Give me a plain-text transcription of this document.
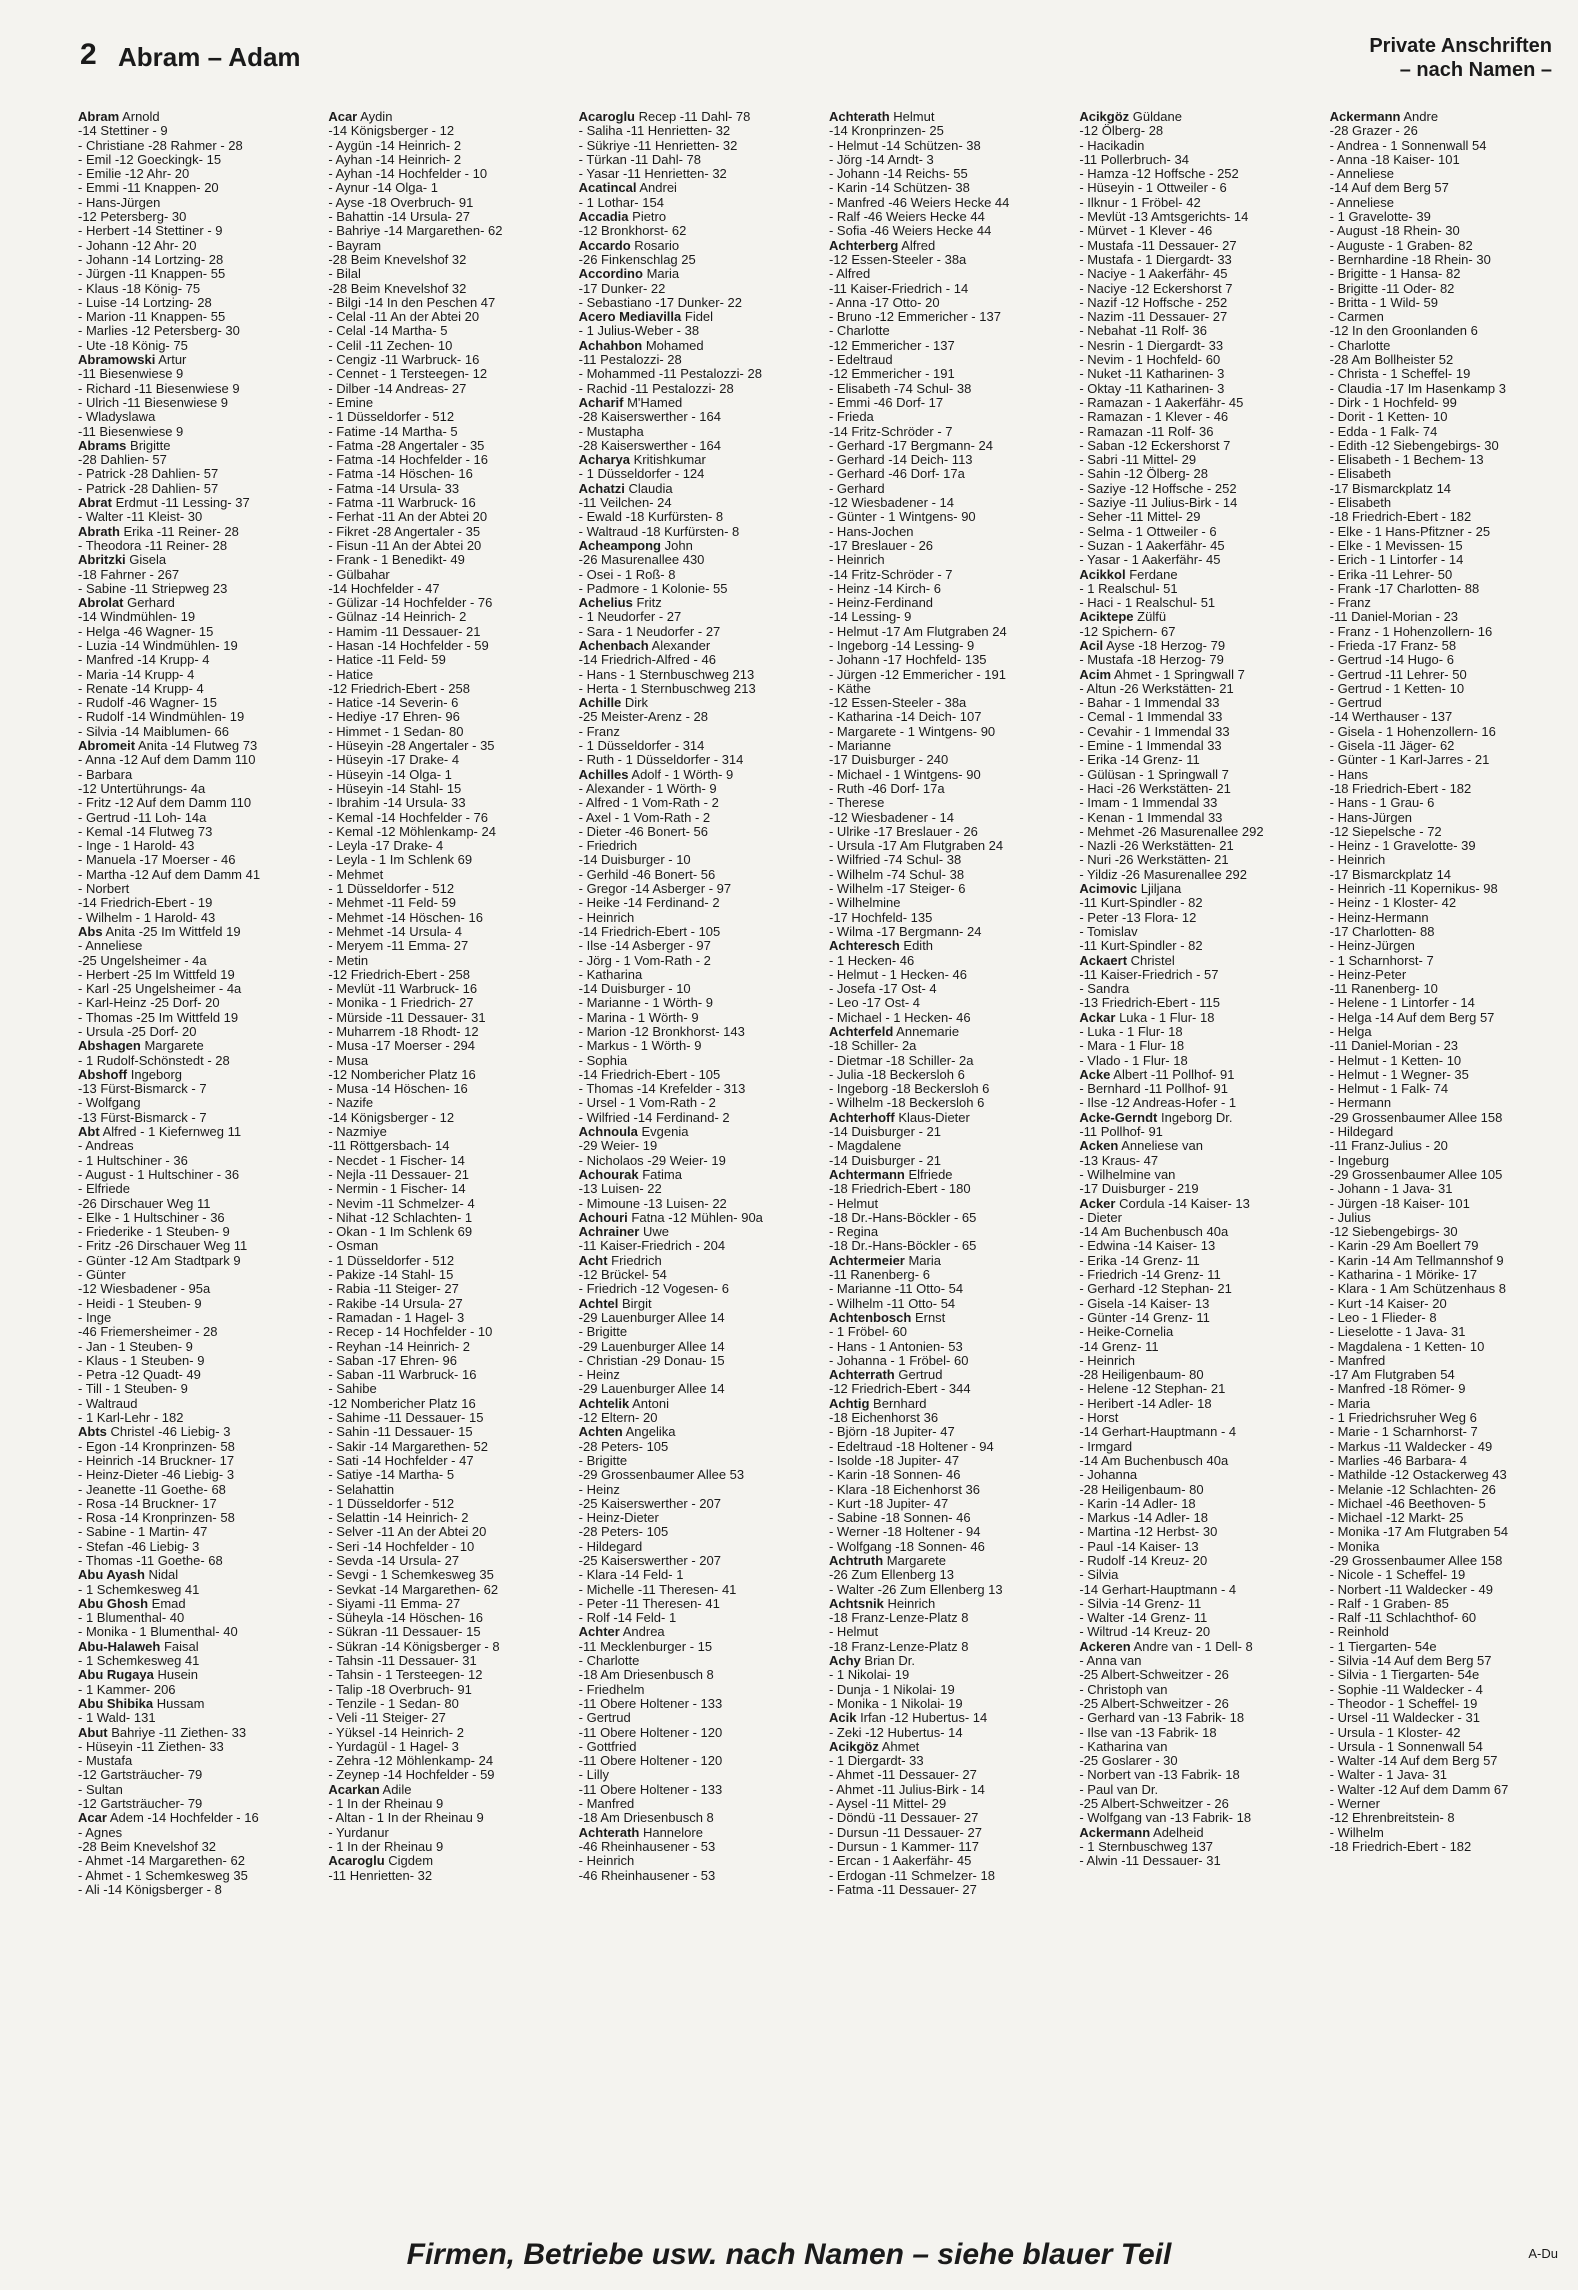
2 Abram – Adam	Private Anschriften
– nach Namen –
Abram Arnold
-14 Stettiner - 9
- Christiane -28 Rahmer - 28
- Emil -12 Goeckingk- 15
- Emilie -12 Ahr- 20
- Emmi -11 Knappen- 20
- Hans-Jürgen
-12 Petersberg- 30
- Herbert -14 Stettiner - 9
- Johann -12 Ahr- 20
- Johann -14 Lortzing- 28
- Jürgen -11 Knappen- 55
- Klaus -18 König- 75
- Luise -14 Lortzing- 28
- Marion -11 Knappen- 55
- Marlies -12 Petersberg- 30
- Ute -18 König- 75
Abramowski Artur
-11 Biesenwiese 9
- Richard -11 Biesenwiese 9
- Ulrich -11 Biesenwiese 9
- Wladyslawa
-11 Biesenwiese 9
Abrams Brigitte
-28 Dahlien- 57
- Patrick -28 Dahlien- 57
- Patrick -28 Dahlien- 57
Abrat Erdmut -11 Lessing- 37
- Walter -11 Kleist- 30
Abrath Erika -11 Reiner- 28
- Theodora -11 Reiner- 28
Abritzki Gisela
-18 Fahrner - 267
- Sabine -11 Striepweg 23
Abrolat Gerhard
-14 Windmühlen- 19
- Helga -46 Wagner- 15
- Luzia -14 Windmühlen- 19
- Manfred -14 Krupp- 4
- Maria -14 Krupp- 4
- Renate -14 Krupp- 4
- Rudolf -46 Wagner- 15
- Rudolf -14 Windmühlen- 19
- Silvia -14 Maiblumen- 66
Abromeit Anita -14 Flutweg 73
- Anna -12 Auf dem Damm 110
- Barbara
-12 Untertührungs- 4a
- Fritz -12 Auf dem Damm 110
- Gertrud -11 Loh- 14a
- Kemal -14 Flutweg 73
- Inge - 1 Harold- 43
- Manuela -17 Moerser - 46
- Martha -12 Auf dem Damm 41
- Norbert
-14 Friedrich-Ebert - 19
- Wilhelm - 1 Harold- 43
Abs Anita -25 Im Wittfeld 19
- Anneliese
-25 Ungelsheimer - 4a
- Herbert -25 Im Wittfeld 19
- Karl -25 Ungelsheimer - 4a
- Karl-Heinz -25 Dorf- 20
- Thomas -25 Im Wittfeld 19
- Ursula -25 Dorf- 20
Abshagen Margarete
- 1 Rudolf-Schönstedt - 28
Abshoff Ingeborg
-13 Fürst-Bismarck - 7
- Wolfgang
-13 Fürst-Bismarck - 7
Abt Alfred - 1 Kiefernweg 11
- Andreas
- 1 Hultschiner - 36
- August - 1 Hultschiner - 36
- Elfriede
-26 Dirschauer Weg 11
- Elke - 1 Hultschiner - 36
- Friederike - 1 Steuben- 9
- Fritz -26 Dirschauer Weg 11
- Günter -12 Am Stadtpark 9
- Günter
-12 Wiesbadener - 95a
- Heidi - 1 Steuben- 9
- Inge
-46 Friemersheimer - 28
- Jan - 1 Steuben- 9
- Klaus - 1 Steuben- 9
- Petra -12 Quadt- 49
- Till - 1 Steuben- 9
- Waltraud
- 1 Karl-Lehr - 182
Abts Christel -46 Liebig- 3
- Egon -14 Kronprinzen- 58
- Heinrich -14 Bruckner- 17
- Heinz-Dieter -46 Liebig- 3
- Jeanette -11 Goethe- 68
- Rosa -14 Bruckner- 17
- Rosa -14 Kronprinzen- 58
- Sabine - 1 Martin- 47
- Stefan -46 Liebig- 3
- Thomas -11 Goethe- 68
Abu Ayash Nidal
- 1 Schemkesweg 41
Abu Ghosh Emad
- 1 Blumenthal- 40
- Monika - 1 Blumenthal- 40
Abu-Halaweh Faisal
- 1 Schemkesweg 41
Abu Rugaya Husein
- 1 Kammer- 206
Abu Shibika Hussam
- 1 Wald- 131
Abut Bahriye -11 Ziethen- 33
- Hüseyin -11 Ziethen- 33
- Mustafa
-12 Gartsträucher- 79
- Sultan
-12 Gartsträucher- 79
Acar Adem -14 Hochfelder - 16
- Agnes
-28 Beim Knevelshof 32
- Ahmet -14 Margarethen- 62
- Ahmet - 1 Schemkesweg 35
- Ali -14 Königsberger - 8
Acar Aydin
-14 Königsberger - 12
- Aygün -14 Heinrich- 2
- Ayhan -14 Heinrich- 2
- Ayhan -14 Hochfelder - 10
- Aynur -14 Olga- 1
- Ayse -18 Overbruch- 91
- Bahattin -14 Ursula- 27
- Bahriye -14 Margarethen- 62
- Bayram
-28 Beim Knevelshof 32
- Bilal
-28 Beim Knevelshof 32
- Bilgi -14 In den Peschen 47
- Celal -11 An der Abtei 20
- Celal -14 Martha- 5
- Celil -11 Zechen- 10
- Cengiz -11 Warbruck- 16
- Cennet - 1 Tersteegen- 12
- Dilber -14 Andreas- 27
- Emine
- 1 Düsseldorfer - 512
- Fatime -14 Martha- 5
- Fatma -28 Angertaler - 35
- Fatma -14 Hochfelder - 16
- Fatma -14 Höschen- 16
- Fatma -14 Ursula- 33
- Fatma -11 Warbruck- 16
- Ferhat -11 An der Abtei 20
- Fikret -28 Angertaler - 35
- Fisun -11 An der Abtei 20
- Frank - 1 Benedikt- 49
- Gülbahar
-14 Hochfelder - 47
- Gülizar -14 Hochfelder - 76
- Gülnaz -14 Heinrich- 2
- Hamim -11 Dessauer- 21
- Hasan -14 Hochfelder - 59
- Hatice -11 Feld- 59
- Hatice
-12 Friedrich-Ebert - 258
- Hatice -14 Severin- 6
- Hediye -17 Ehren- 96
- Himmet - 1 Sedan- 80
- Hüseyin -28 Angertaler - 35
- Hüseyin -17 Drake- 4
- Hüseyin -14 Olga- 1
- Hüseyin -14 Stahl- 15
- Ibrahim -14 Ursula- 33
- Kemal -14 Hochfelder - 76
- Kemal -12 Möhlenkamp- 24
- Leyla -17 Drake- 4
- Leyla - 1 Im Schlenk 69
- Mehmet
- 1 Düsseldorfer - 512
- Mehmet -11 Feld- 59
- Mehmet -14 Höschen- 16
- Mehmet -14 Ursula- 4
- Meryem -11 Emma- 27
- Metin
-12 Friedrich-Ebert - 258
- Mevlüt -11 Warbruck- 16
- Monika - 1 Friedrich- 27
- Mürside -11 Dessauer- 31
- Muharrem -18 Rhodt- 12
- Musa -17 Moerser - 294
- Musa
-12 Nombericher Platz 16
- Musa -14 Höschen- 16
- Nazife
-14 Königsberger - 12
- Nazmiye
-11 Röttgersbach- 14
- Necdet - 1 Fischer- 14
- Nejla -11 Dessauer- 21
- Nermin - 1 Fischer- 14
- Nevim -11 Schmelzer- 4
- Nihat -12 Schlachten- 1
- Okan - 1 Im Schlenk 69
- Osman
- 1 Düsseldorfer - 512
- Pakize -14 Stahl- 15
- Rabia -11 Steiger- 27
- Rakibe -14 Ursula- 27
- Ramadan - 1 Hagel- 3
- Recep - 14 Hochfelder - 10
- Reyhan -14 Heinrich- 2
- Saban -17 Ehren- 96
- Saban -11 Warbruck- 16
- Sahibe
-12 Nombericher Platz 16
- Sahime -11 Dessauer- 15
- Sahin -11 Dessauer- 15
- Sakir -14 Margarethen- 52
- Sati -14 Hochfelder - 47
- Satiye -14 Martha- 5
- Selahattin
- 1 Düsseldorfer - 512
- Selattin -14 Heinrich- 2
- Selver -11 An der Abtei 20
- Seri -14 Hochfelder - 10
- Sevda -14 Ursula- 27
- Sevgi - 1 Schemkesweg 35
- Sevkat -14 Margarethen- 62
- Siyami -11 Emma- 27
- Süheyla -14 Höschen- 16
- Sükran -11 Dessauer- 15
- Sükran -14 Königsberger - 8
- Tahsin -11 Dessauer- 31
- Tahsin - 1 Tersteegen- 12
- Talip -18 Overbruch- 91
- Tenzile - 1 Sedan- 80
- Veli -11 Steiger- 27
- Yüksel -14 Heinrich- 2
- Yurdagül - 1 Hagel- 3
- Zehra -12 Möhlenkamp- 24
- Zeynep -14 Hochfelder - 59
Acarkan Adile
- 1 In der Rheinau 9
- Altan - 1 In der Rheinau 9
- Yurdanur
- 1 In der Rheinau 9
Acaroglu Cigdem
-11 Henrietten- 32
Acaroglu Recep -11 Dahl- 78
- Saliha -11 Henrietten- 32
- Sükriye -11 Henrietten- 32
- Türkan -11 Dahl- 78
- Yasar -11 Henrietten- 32
Acatincal Andrei
- 1 Lothar- 154
Accadia Pietro
-12 Bronkhorst- 62
Accardo Rosario
-26 Finkenschlag 25
Accordino Maria
-17 Dunker- 22
- Sebastiano -17 Dunker- 22
Acero Mediavilla Fidel
- 1 Julius-Weber - 38
Achahbon Mohamed
-11 Pestalozzi- 28
- Mohammed -11 Pestalozzi- 28
- Rachid -11 Pestalozzi- 28
Acharif M'Hamed
-28 Kaiserswerther - 164
- Mustapha
-28 Kaiserswerther - 164
Acharya Kritishkumar
- 1 Düsseldorfer - 124
Achatzi Claudia
-11 Veilchen- 24
- Ewald -18 Kurfürsten- 8
- Waltraud -18 Kurfürsten- 8
Acheampong John
-26 Masurenallee 430
- Osei - 1 Roß- 8
- Padmore - 1 Kolonie- 55
Achelius Fritz
- 1 Neudorfer - 27
- Sara - 1 Neudorfer - 27
Achenbach Alexander
-14 Friedrich-Alfred - 46
- Hans - 1 Sternbuschweg 213
- Herta - 1 Sternbuschweg 213
Achille Dirk
-25 Meister-Arenz - 28
- Franz
- 1 Düsseldorfer - 314
- Ruth - 1 Düsseldorfer - 314
Achilles Adolf - 1 Wörth- 9
- Alexander - 1 Wörth- 9
- Alfred - 1 Vom-Rath - 2
- Axel - 1 Vom-Rath - 2
- Dieter -46 Bonert- 56
- Friedrich
-14 Duisburger - 10
- Gerhild -46 Bonert- 56
- Gregor -14 Asberger - 97
- Heike -14 Ferdinand- 2
- Heinrich
-14 Friedrich-Ebert - 105
- Ilse -14 Asberger - 97
- Jörg - 1 Vom-Rath - 2
- Katharina
-14 Duisburger - 10
- Marianne - 1 Wörth- 9
- Marina - 1 Wörth- 9
- Marion -12 Bronkhorst- 143
- Markus - 1 Wörth- 9
- Sophia
-14 Friedrich-Ebert - 105
- Thomas -14 Krefelder - 313
- Ursel - 1 Vom-Rath - 2
- Wilfried -14 Ferdinand- 2
Achnoula Evgenia
-29 Weier- 19
- Nicholaos -29 Weier- 19
Achourak Fatima
-13 Luisen- 22
- Mimoune -13 Luisen- 22
Achouri Fatna -12 Mühlen- 90a
Achrainer Uwe
-11 Kaiser-Friedrich - 204
Acht Friedrich
-12 Brückel- 54
- Friedrich -12 Vogesen- 6
Achtel Birgit
-29 Lauenburger Allee 14
- Brigitte
-29 Lauenburger Allee 14
- Christian -29 Donau- 15
- Heinz
-29 Lauenburger Allee 14
Achtelik Antoni
-12 Eltern- 20
Achten Angelika
-28 Peters- 105
- Brigitte
-29 Grossenbaumer Allee 53
- Heinz
-25 Kaiserswerther - 207
- Heinz-Dieter
-28 Peters- 105
- Hildegard
-25 Kaiserswerther - 207
- Klara -14 Feld- 1
- Michelle -11 Theresen- 41
- Peter -11 Theresen- 41
- Rolf -14 Feld- 1
Achter Andrea
-11 Mecklenburger - 15
- Charlotte
-18 Am Driesenbusch 8
- Friedhelm
-11 Obere Holtener - 133
- Gertrud
-11 Obere Holtener - 120
- Gottfried
-11 Obere Holtener - 120
- Lilly
-11 Obere Holtener - 133
- Manfred
-18 Am Driesenbusch 8
Achterath Hannelore
-46 Rheinhausener - 53
- Heinrich
-46 Rheinhausener - 53
Achterath Helmut
-14 Kronprinzen- 25
- Helmut -14 Schützen- 38
- Jörg -14 Arndt- 3
- Johann -14 Reichs- 55
- Karin -14 Schützen- 38
- Manfred -46 Weiers Hecke 44
- Ralf -46 Weiers Hecke 44
- Sofia -46 Weiers Hecke 44
Achterberg Alfred
-12 Essen-Steeler - 38a
- Alfred
-11 Kaiser-Friedrich - 14
- Anna -17 Otto- 20
- Bruno -12 Emmericher - 137
- Charlotte
-12 Emmericher - 137
- Edeltraud
-12 Emmericher - 191
- Elisabeth -74 Schul- 38
- Emmi -46 Dorf- 17
- Frieda
-14 Fritz-Schröder - 7
- Gerhard -17 Bergmann- 24
- Gerhard -14 Deich- 113
- Gerhard -46 Dorf- 17a
- Gerhard
-12 Wiesbadener - 14
- Günter - 1 Wintgens- 90
- Hans-Jochen
-17 Breslauer - 26
- Heinrich
-14 Fritz-Schröder - 7
- Heinz -14 Kirch- 6
- Heinz-Ferdinand
-14 Lessing- 9
- Helmut -17 Am Flutgraben 24
- Ingeborg -14 Lessing- 9
- Johann -17 Hochfeld- 135
- Jürgen -12 Emmericher - 191
- Käthe
-12 Essen-Steeler - 38a
- Katharina -14 Deich- 107
- Margarete - 1 Wintgens- 90
- Marianne
-17 Duisburger - 240
- Michael - 1 Wintgens- 90
- Ruth -46 Dorf- 17a
- Therese
-12 Wiesbadener - 14
- Ulrike -17 Breslauer - 26
- Ursula -17 Am Flutgraben 24
- Wilfried -74 Schul- 38
- Wilhelm -74 Schul- 38
- Wilhelm -17 Steiger- 6
- Wilhelmine
-17 Hochfeld- 135
- Wilma -17 Bergmann- 24
Achteresch Edith
- 1 Hecken- 46
- Helmut - 1 Hecken- 46
- Josefa -17 Ost- 4
- Leo -17 Ost- 4
- Michael - 1 Hecken- 46
Achterfeld Annemarie
-18 Schiller- 2a
- Dietmar -18 Schiller- 2a
- Julia -18 Beckersloh 6
- Ingeborg -18 Beckersloh 6
- Wilhelm -18 Beckersloh 6
Achterhoff Klaus-Dieter
-14 Duisburger - 21
- Magdalene
-14 Duisburger - 21
Achtermann Elfriede
-18 Friedrich-Ebert - 180
- Helmut
-18 Dr.-Hans-Böckler - 65
- Regina
-18 Dr.-Hans-Böckler - 65
Achtermeier Maria
-11 Ranenberg- 6
- Marianne -11 Otto- 54
- Wilhelm -11 Otto- 54
Achtenbosch Ernst
- 1 Fröbel- 60
- Hans - 1 Antonien- 53
- Johanna - 1 Fröbel- 60
Achterrath Gertrud
-12 Friedrich-Ebert - 344
Achtig Bernhard
-18 Eichenhorst 36
- Björn -18 Jupiter- 47
- Edeltraud -18 Holtener - 94
- Isolde -18 Jupiter- 47
- Karin -18 Sonnen- 46
- Klara -18 Eichenhorst 36
- Kurt -18 Jupiter- 47
- Sabine -18 Sonnen- 46
- Werner -18 Holtener - 94
- Wolfgang -18 Sonnen- 46
Achtruth Margarete
-26 Zum Ellenberg 13
- Walter -26 Zum Ellenberg 13
Achtsnik Heinrich
-18 Franz-Lenze-Platz 8
- Helmut
-18 Franz-Lenze-Platz 8
Achy Brian Dr.
- 1 Nikolai- 19
- Dunja - 1 Nikolai- 19
- Monika - 1 Nikolai- 19
Acik Irfan -12 Hubertus- 14
- Zeki -12 Hubertus- 14
Acikgöz Ahmet
- 1 Diergardt- 33
- Ahmet -11 Dessauer- 27
- Ahmet -11 Julius-Birk - 14
- Aysel -11 Mittel- 29
- Döndü -11 Dessauer- 27
- Dursun -11 Dessauer- 27
- Dursun - 1 Kammer- 117
- Ercan - 1 Aakerfähr- 45
- Erdogan -11 Schmelzer- 18
- Fatma -11 Dessauer- 27
Acikgöz Güldane
-12 Ölberg- 28
- Hacikadin
-11 Pollerbruch- 34
- Hamza -12 Hoffsche - 252
- Hüseyin - 1 Ottweiler - 6
- Ilknur - 1 Fröbel- 42
- Mevlüt -13 Amtsgerichts- 14
- Mürvet - 1 Klever - 46
- Mustafa -11 Dessauer- 27
- Mustafa - 1 Diergardt- 33
- Naciye - 1 Aakerfähr- 45
- Naciye -12 Eckershorst 7
- Nazif -12 Hoffsche - 252
- Nazim -11 Dessauer- 27
- Nebahat -11 Rolf- 36
- Nesrin - 1 Diergardt- 33
- Nevim - 1 Hochfeld- 60
- Nuket -11 Katharinen- 3
- Oktay -11 Katharinen- 3
- Ramazan - 1 Aakerfähr- 45
- Ramazan - 1 Klever - 46
- Ramazan -11 Rolf- 36
- Saban -12 Eckershorst 7
- Sabri -11 Mittel- 29
- Sahin -12 Ölberg- 28
- Saziye -12 Hoffsche - 252
- Saziye -11 Julius-Birk - 14
- Seher -11 Mittel- 29
- Selma - 1 Ottweiler - 6
- Suzan - 1 Aakerfähr- 45
- Yasar - 1 Aakerfähr- 45
Acikkol Ferdane
- 1 Realschul- 51
- Haci - 1 Realschul- 51
Aciktepe Zülfü
-12 Spichern- 67
Acil Ayse -18 Herzog- 79
- Mustafa -18 Herzog- 79
Acim Ahmet - 1 Springwall 7
- Altun -26 Werkstätten- 21
- Bahar - 1 Immendal 33
- Cemal - 1 Immendal 33
- Cevahir - 1 Immendal 33
- Emine - 1 Immendal 33
- Erika -14 Grenz- 11
- Gülüsan - 1 Springwall 7
- Haci -26 Werkstätten- 21
- Imam - 1 Immendal 33
- Kenan - 1 Immendal 33
- Mehmet -26 Masurenallee 292
- Nazli -26 Werkstätten- 21
- Nuri -26 Werkstätten- 21
- Yildiz -26 Masurenallee 292
Acimovic Ljiljana
-11 Kurt-Spindler - 82
- Peter -13 Flora- 12
- Tomislav
-11 Kurt-Spindler - 82
Ackaert Christel
-11 Kaiser-Friedrich - 57
- Sandra
-13 Friedrich-Ebert - 115
Ackar Luka - 1 Flur- 18
- Luka - 1 Flur- 18
- Mara - 1 Flur- 18
- Vlado - 1 Flur- 18
Acke Albert -11 Pollhof- 91
- Bernhard -11 Pollhof- 91
- Ilse -12 Andreas-Hofer - 1
Acke-Gerndt Ingeborg Dr.
-11 Pollhof- 91
Acken Anneliese van
-13 Kraus- 47
- Wilhelmine van
-17 Duisburger - 219
Acker Cordula -14 Kaiser- 13
- Dieter
-14 Am Buchenbusch 40a
- Edwina -14 Kaiser- 13
- Erika -14 Grenz- 11
- Friedrich -14 Grenz- 11
- Gerhard -12 Stephan- 21
- Gisela -14 Kaiser- 13
- Günter -14 Grenz- 11
- Heike-Cornelia
-14 Grenz- 11
- Heinrich
-28 Heiligenbaum- 80
- Helene -12 Stephan- 21
- Heribert -14 Adler- 18
- Horst
-14 Gerhart-Hauptmann - 4
- Irmgard
-14 Am Buchenbusch 40a
- Johanna
-28 Heiligenbaum- 80
- Karin -14 Adler- 18
- Markus -14 Adler- 18
- Martina -12 Herbst- 30
- Paul -14 Kaiser- 13
- Rudolf -14 Kreuz- 20
- Silvia
-14 Gerhart-Hauptmann - 4
- Silvia -14 Grenz- 11
- Walter -14 Grenz- 11
- Wiltrud -14 Kreuz- 20
Ackeren Andre van - 1 Dell- 8
- Anna van
-25 Albert-Schweitzer - 26
- Christoph van
-25 Albert-Schweitzer - 26
- Gerhard van -13 Fabrik- 18
- Ilse van -13 Fabrik- 18
- Katharina van
-25 Goslarer - 30
- Norbert van -13 Fabrik- 18
- Paul van Dr.
-25 Albert-Schweitzer - 26
- Wolfgang van -13 Fabrik- 18
Ackermann Adelheid
- 1 Sternbuschweg 137
- Alwin -11 Dessauer- 31
Ackermann Andre
-28 Grazer - 26
- Andrea - 1 Sonnenwall 54
- Anna -18 Kaiser- 101
- Anneliese
-14 Auf dem Berg 57
- Anneliese
- 1 Gravelotte- 39
- August -18 Rhein- 30
- Auguste - 1 Graben- 82
- Bernhardine -18 Rhein- 30
- Brigitte - 1 Hansa- 82
- Brigitte -11 Oder- 82
- Britta - 1 Wild- 59
- Carmen
-12 In den Groonlanden 6
- Charlotte
-28 Am Bollheister 52
- Christa - 1 Scheffel- 19
- Claudia -17 Im Hasenkamp 3
- Dirk - 1 Hochfeld- 99
- Dorit - 1 Ketten- 10
- Edda - 1 Falk- 74
- Edith -12 Siebengebirgs- 30
- Elisabeth - 1 Bechem- 13
- Elisabeth
-17 Bismarckplatz 14
- Elisabeth
-18 Friedrich-Ebert - 182
- Elke - 1 Hans-Pfitzner - 25
- Elke - 1 Mevissen- 15
- Erich - 1 Lintorfer - 14
- Erika -11 Lehrer- 50
- Frank -17 Charlotten- 88
- Franz
-11 Daniel-Morian - 23
- Franz - 1 Hohenzollern- 16
- Frieda -17 Franz- 58
- Gertrud -14 Hugo- 6
- Gertrud -11 Lehrer- 50
- Gertrud - 1 Ketten- 10
- Gertrud
-14 Werthauser - 137
- Gisela - 1 Hohenzollern- 16
- Gisela -11 Jäger- 62
- Günter - 1 Karl-Jarres - 21
- Hans
-18 Friedrich-Ebert - 182
- Hans - 1 Grau- 6
- Hans-Jürgen
-12 Siepelsche - 72
- Heinz - 1 Gravelotte- 39
- Heinrich
-17 Bismarckplatz 14
- Heinrich -11 Kopernikus- 98
- Heinz - 1 Kloster- 42
- Heinz-Hermann
-17 Charlotten- 88
- Heinz-Jürgen
- 1 Scharnhorst- 7
- Heinz-Peter
-11 Ranenberg- 10
- Helene - 1 Lintorfer - 14
- Helga -14 Auf dem Berg 57
- Helga
-11 Daniel-Morian - 23
- Helmut - 1 Ketten- 10
- Helmut - 1 Wegner- 35
- Helmut - 1 Falk- 74
- Hermann
-29 Grossenbaumer Allee 158
- Hildegard
-11 Franz-Julius - 20
- Ingeburg
-29 Grossenbaumer Allee 105
- Johann - 1 Java- 31
- Jürgen -18 Kaiser- 101
- Julius
-12 Siebengebirgs- 30
- Karin -29 Am Boellert 79
- Karin -14 Am Tellmannshof 9
- Katharina - 1 Mörike- 17
- Klara - 1 Am Schützenhaus 8
- Kurt -14 Kaiser- 20
- Leo - 1 Flieder- 8
- Lieselotte - 1 Java- 31
- Magdalena - 1 Ketten- 10
- Manfred
-17 Am Flutgraben 54
- Manfred -18 Römer- 9
- Maria
- 1 Friedrichsruher Weg 6
- Marie - 1 Scharnhorst- 7
- Markus -11 Waldecker - 49
- Marlies -46 Barbara- 4
- Mathilde -12 Ostackerweg 43
- Melanie -12 Schlachten- 26
- Michael -46 Beethoven- 5
- Michael -12 Markt- 25
- Monika -17 Am Flutgraben 54
- Monika
-29 Grossenbaumer Allee 158
- Nicole - 1 Scheffel- 19
- Norbert -11 Waldecker - 49
- Ralf - 1 Graben- 85
- Ralf -11 Schlachthof- 60
- Reinhold
- 1 Tiergarten- 54e
- Silvia -14 Auf dem Berg 57
- Silvia - 1 Tiergarten- 54e
- Sophie -11 Waldecker - 4
- Theodor - 1 Scheffel- 19
- Ursel -11 Waldecker - 31
- Ursula - 1 Kloster- 42
- Ursula - 1 Sonnenwall 54
- Walter -14 Auf dem Berg 57
- Walter - 1 Java- 31
- Walter -12 Auf dem Damm 67
- Werner
-12 Ehrenbreitstein- 8
- Wilhelm
-18 Friedrich-Ebert - 182
Firmen, Betriebe usw. nach Namen – siehe blauer Teil	A-Du
